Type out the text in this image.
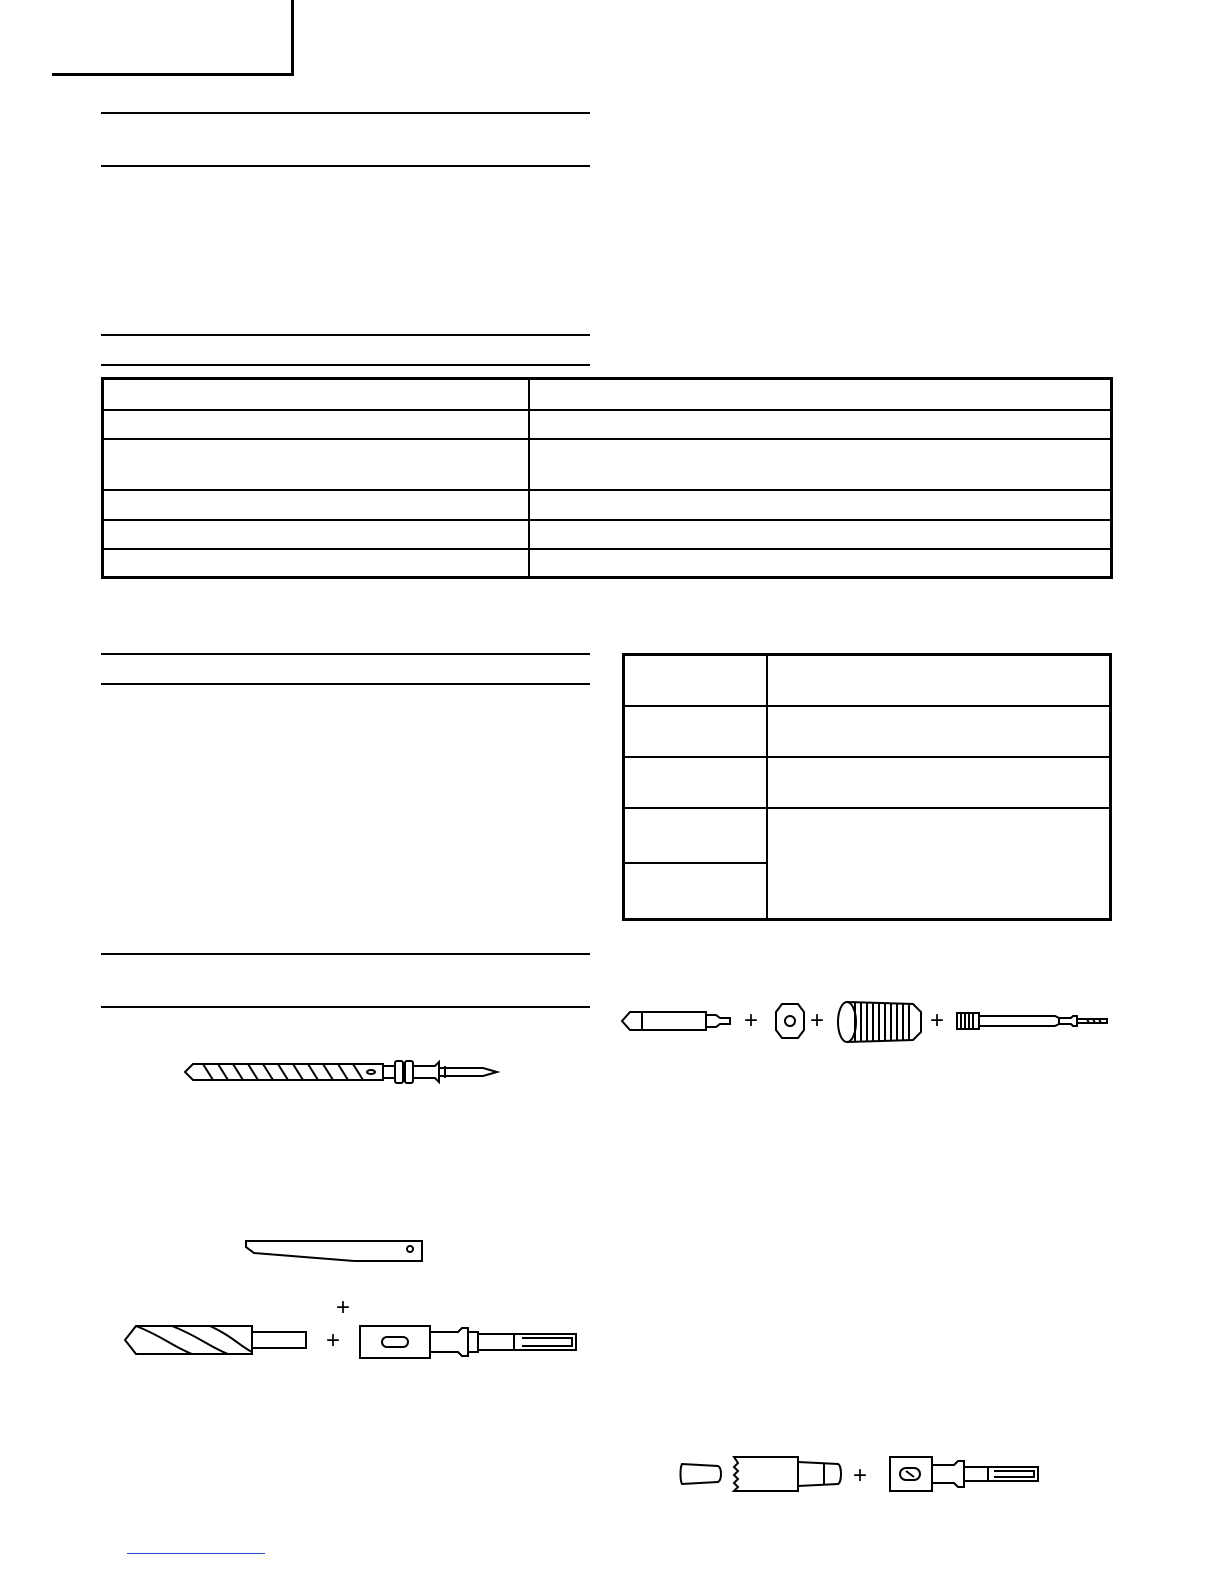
+
+
+ +	+
+
